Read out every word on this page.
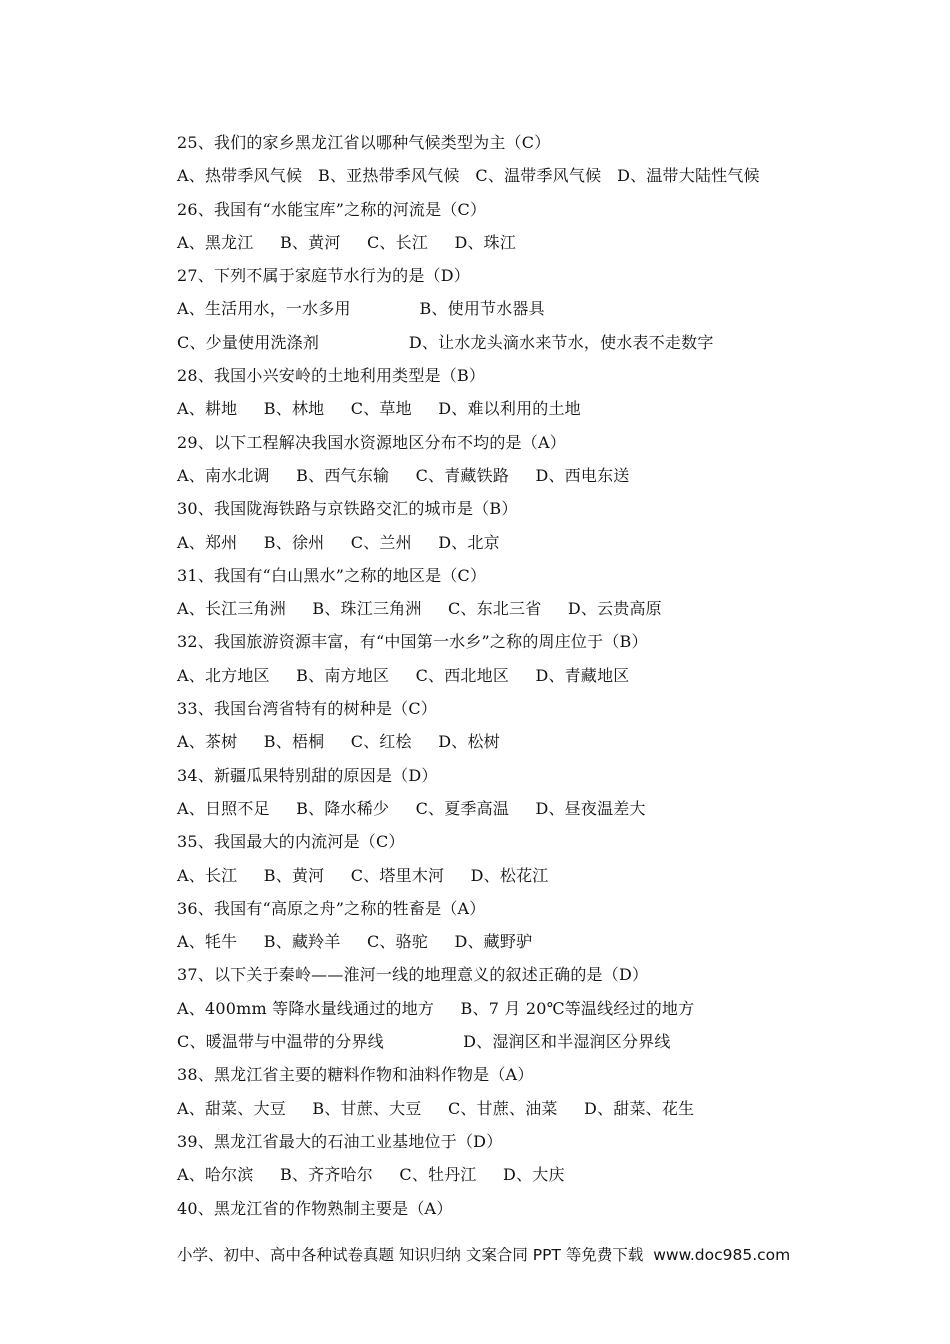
25、我们的家乡黑龙江省以哪种气候类型为主（C）
A、热带季风气候   B、亚热带季风气候   C、温带季风气候   D、温带大陆性气候
26、我国有“水能宝库”之称的河流是（C）
A、黑龙江     B、黄河     C、长江     D、珠江
27、下列不属于家庭节水行为的是（D）
A、生活用水，一水多用             B、使用节水器具
C、少量使用洗涤剂                 D、让水龙头滴水来节水，使水表不走数字
28、我国小兴安岭的土地利用类型是（B）
A、耕地     B、林地     C、草地     D、难以利用的土地
29、以下工程解决我国水资源地区分布不均的是（A）
A、南水北调     B、西气东输     C、青藏铁路     D、西电东送
30、我国陇海铁路与京铁路交汇的城市是（B）
A、郑州     B、徐州     C、兰州     D、北京
31、我国有“白山黑水”之称的地区是（C）
A、长江三角洲     B、珠江三角洲     C、东北三省     D、云贵高原
32、我国旅游资源丰富，有“中国第一水乡”之称的周庄位于（B）
A、北方地区     B、南方地区     C、西北地区     D、青藏地区
33、我国台湾省特有的树种是（C）
A、茶树     B、梧桐     C、红桧     D、松树
34、新疆瓜果特别甜的原因是（D）
A、日照不足     B、降水稀少     C、夏季高温     D、昼夜温差大
35、我国最大的内流河是（C）
A、长江     B、黄河     C、塔里木河     D、松花江
36、我国有“高原之舟”之称的牲畜是（A）
A、牦牛     B、藏羚羊     C、骆驼     D、藏野驴
37、以下关于秦岭——淮河一线的地理意义的叙述正确的是（D）
A、400mm 等降水量线通过的地方     B、7 月 20℃等温线经过的地方
C、暖温带与中温带的分界线               D、湿润区和半湿润区分界线
38、黑龙江省主要的糖料作物和油料作物是（A）
A、甜菜、大豆     B、甘蔗、大豆     C、甘蔗、油菜     D、甜菜、花生
39、黑龙江省最大的石油工业基地位于（D）
A、哈尔滨     B、齐齐哈尔     C、牡丹江     D、大庆
40、黑龙江省的作物熟制主要是（A）
小学、初中、高中各种试卷真题 知识归纳 文案合同 PPT 等免费下载  www.doc985.com
